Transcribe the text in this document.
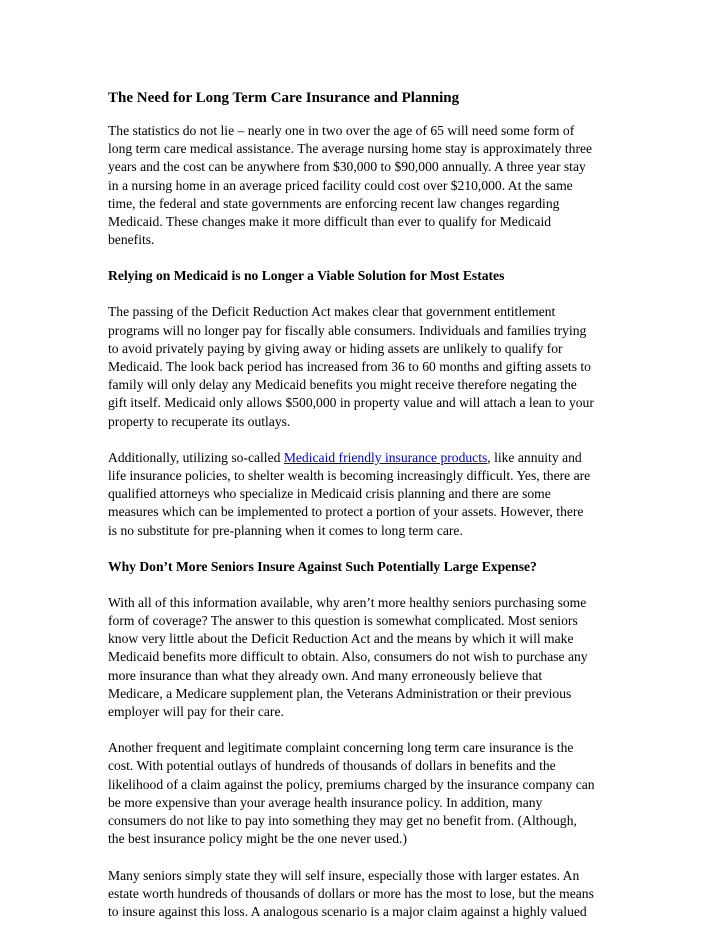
The Need for Long Term Care Insurance and Planning

The statistics do not lie – nearly one in two over the age of 65 will need some form of
long term care medical assistance. The average nursing home stay is approximately three
years and the cost can be anywhere from $30,000 to $90,000 annually. A three year stay
in a nursing home in an average priced facility could cost over $210,000. At the same
time, the federal and state governments are enforcing recent law changes regarding
Medicaid. These changes make it more difficult than ever to qualify for Medicaid
benefits.

Relying on Medicaid is no Longer a Viable Solution for Most Estates

The passing of the Deficit Reduction Act makes clear that government entitlement
programs will no longer pay for fiscally able consumers. Individuals and families trying
to avoid privately paying by giving away or hiding assets are unlikely to qualify for
Medicaid. The look back period has increased from 36 to 60 months and gifting assets to
family will only delay any Medicaid benefits you might receive therefore negating the
gift itself. Medicaid only allows $500,000 in property value and will attach a lean to your
property to recuperate its outlays.

Additionally, utilizing so-called Medicaid friendly insurance products, like annuity and
life insurance policies, to shelter wealth is becoming increasingly difficult. Yes, there are
qualified attorneys who specialize in Medicaid crisis planning and there are some
measures which can be implemented to protect a portion of your assets. However, there
is no substitute for pre-planning when it comes to long term care.

Why Don’t More Seniors Insure Against Such Potentially Large Expense?

With all of this information available, why aren’t more healthy seniors purchasing some
form of coverage? The answer to this question is somewhat complicated. Most seniors
know very little about the Deficit Reduction Act and the means by which it will make
Medicaid benefits more difficult to obtain. Also, consumers do not wish to purchase any
more insurance than what they already own. And many erroneously believe that
Medicare, a Medicare supplement plan, the Veterans Administration or their previous
employer will pay for their care.

Another frequent and legitimate complaint concerning long term care insurance is the
cost. With potential outlays of hundreds of thousands of dollars in benefits and the
likelihood of a claim against the policy, premiums charged by the insurance company can
be more expensive than your average health insurance policy. In addition, many
consumers do not like to pay into something they may get no benefit from. (Although,
the best insurance policy might be the one never used.)

Many seniors simply state they will self insure, especially those with larger estates. An
estate worth hundreds of thousands of dollars or more has the most to lose, but the means
to insure against this loss. A analogous scenario is a major claim against a highly valued
